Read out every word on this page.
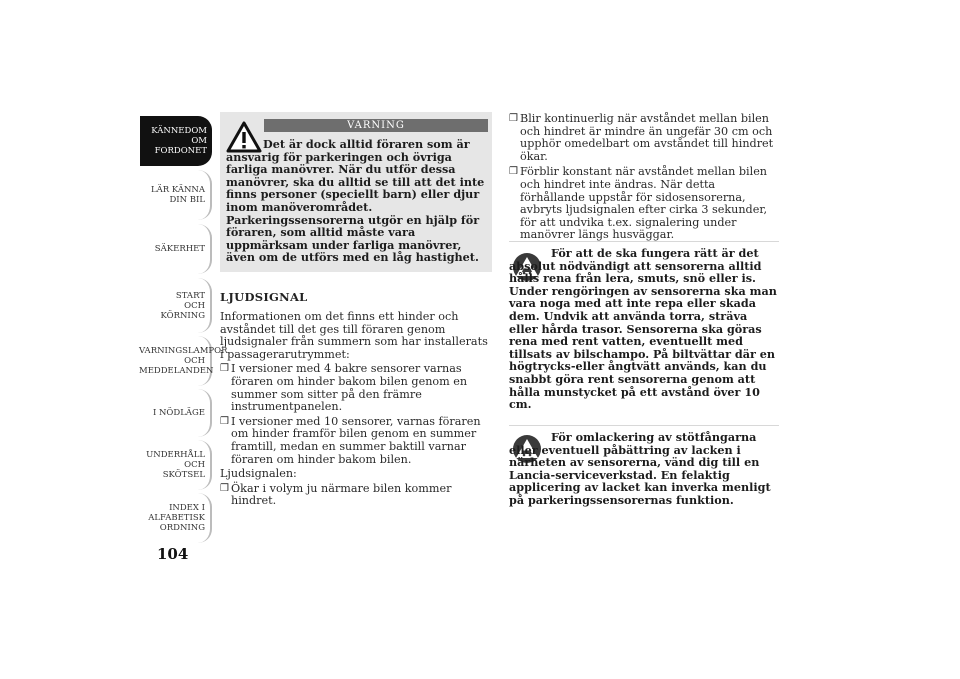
KÄNNEDOM OM FORDONET
LÄR KÄNNA DIN BIL
SÄKERHET
START OCH KÖRNING
VARNINGSLAMPOR OCH MEDDELANDEN
I NÖDLÄGE
UNDERHÅLL OCH SKÖTSEL
INDEX I ALFABETISK ORDNING
104
VARNING
Det är dock alltid föraren som är ansvarig för parkeringen och övriga farliga manövrer. När du utför dessa manövrer, ska du alltid se till att det inte finns personer (speciellt barn) eller djur inom manöverområdet. Parkeringssensorerna utgör en hjälp för föraren, som alltid måste vara uppmärksam under farliga manövrer, även om de utförs med en låg hastighet.
LJUDSIGNAL
Informationen om det finns ett hinder och avståndet till det ges till föraren genom ljudsignaler från summern som har installerats i passagerarutrymmet:
❒ I versioner med 4 bakre sensorer varnas föraren om hinder bakom bilen genom en summer som sitter på den främre instrumentpanelen.
❒ I versioner med 10 sensorer, varnas föraren om hinder framför bilen genom en summer framtill, medan en summer baktill varnar föraren om hinder bakom bilen.
Ljudsignalen:
❒ Ökar i volym ju närmare bilen kommer hindret.
❒ Blir kontinuerlig när avståndet mellan bilen och hindret är mindre än ungefär 30 cm och upphör omedelbart om avståndet till hindret ökar.
❒ Förblir konstant när avståndet mellan bilen och hindret inte ändras. När detta förhållande uppstår för sidosensorerna, avbryts ljudsignalen efter cirka 3 sekunder, för att undvika t.ex. signalering under manövrer längs husväggar.
För att de ska fungera rätt är det absolut nödvändigt att sensorerna alltid hålls rena från lera, smuts, snö eller is. Under rengöringen av sensorerna ska man vara noga med att inte repa eller skada dem. Undvik att använda torra, sträva eller hårda trasor. Sensorerna ska göras rena med rent vatten, eventuellt med tillsats av bilschampo. På biltvättar där en högtrycks-eller ångtvätt används, kan du snabbt göra rent sensorerna genom att hålla munstycket på ett avstånd över 10 cm.
För omlackering av stötfångarna eller eventuell påbättring av lacken i närheten av sensorerna, vänd dig till en Lancia-serviceverkstad. En felaktig applicering av lacket kan inverka menligt på parkeringssensorernas funktion.
